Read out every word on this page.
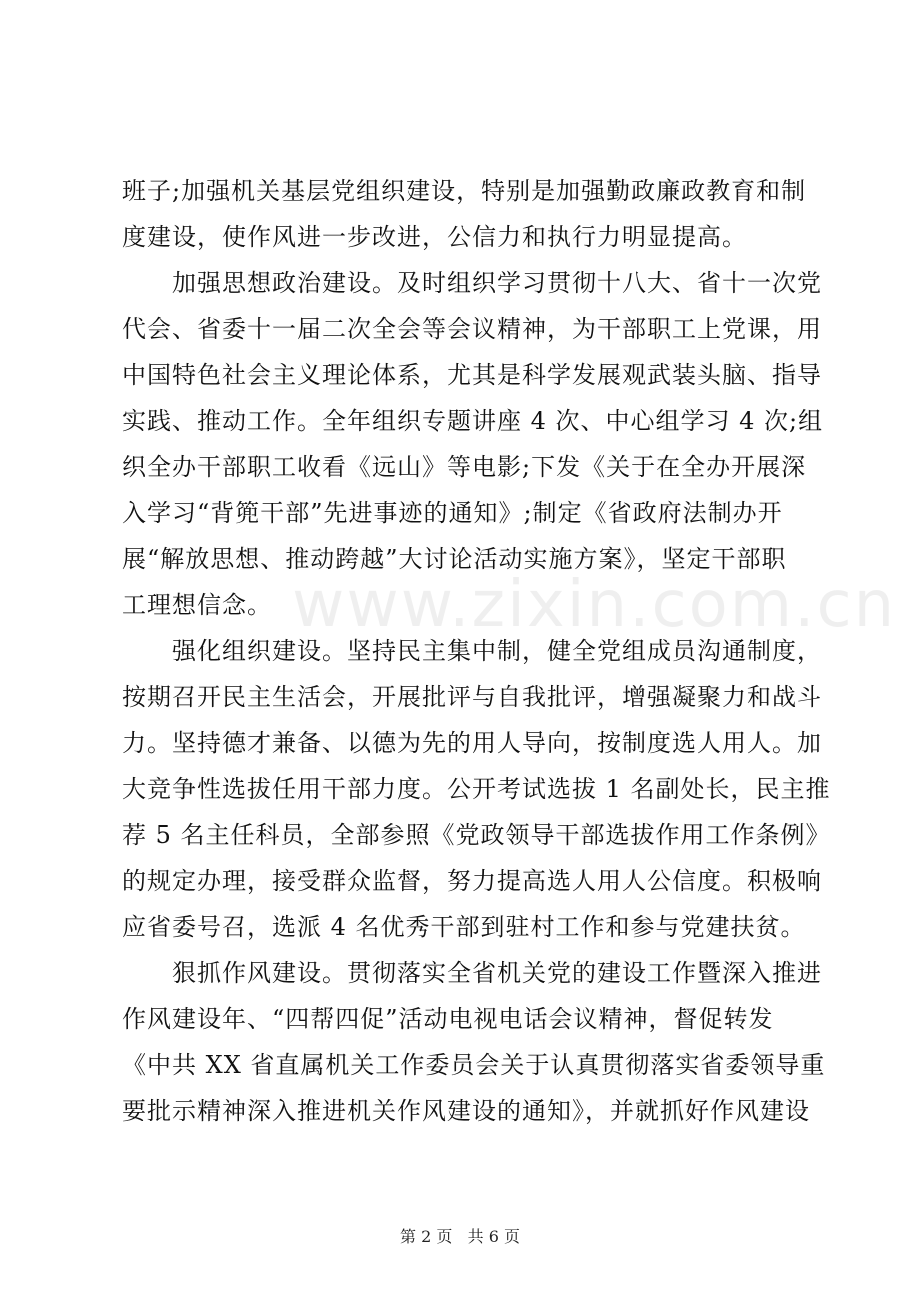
www.zixin.com.cn
班子;加强机关基层党组织建设，特别是加强勤政廉政教育和制
度建设，使作风进一步改进，公信力和执行力明显提高。
加强思想政治建设。及时组织学习贯彻十八大、省十一次党
代会、省委十一届二次全会等会议精神，为干部职工上党课，用
中国特色社会主义理论体系，尤其是科学发展观武装头脑、指导
实践、推动工作。全年组织专题讲座 4 次、中心组学习 4 次;组
织全办干部职工收看《远山》等电影;下发《关于在全办开展深
入学习“背篼干部”先进事迹的通知》;制定《省政府法制办开
展“解放思想、推动跨越”大讨论活动实施方案》，坚定干部职
工理想信念。
强化组织建设。坚持民主集中制，健全党组成员沟通制度，
按期召开民主生活会，开展批评与自我批评，增强凝聚力和战斗
力。坚持德才兼备、以德为先的用人导向，按制度选人用人。加
大竞争性选拔任用干部力度。公开考试选拔 1 名副处长，民主推
荐 5 名主任科员，全部参照《党政领导干部选拔作用工作条例》
的规定办理，接受群众监督，努力提高选人用人公信度。积极响
应省委号召，选派 4 名优秀干部到驻村工作和参与党建扶贫。
狠抓作风建设。贯彻落实全省机关党的建设工作暨深入推进
作风建设年、“四帮四促”活动电视电话会议精神，督促转发
《中共 XX 省直属机关工作委员会关于认真贯彻落实省委领导重
要批示精神深入推进机关作风建设的通知》，并就抓好作风建设
第 2 页 共 6 页
